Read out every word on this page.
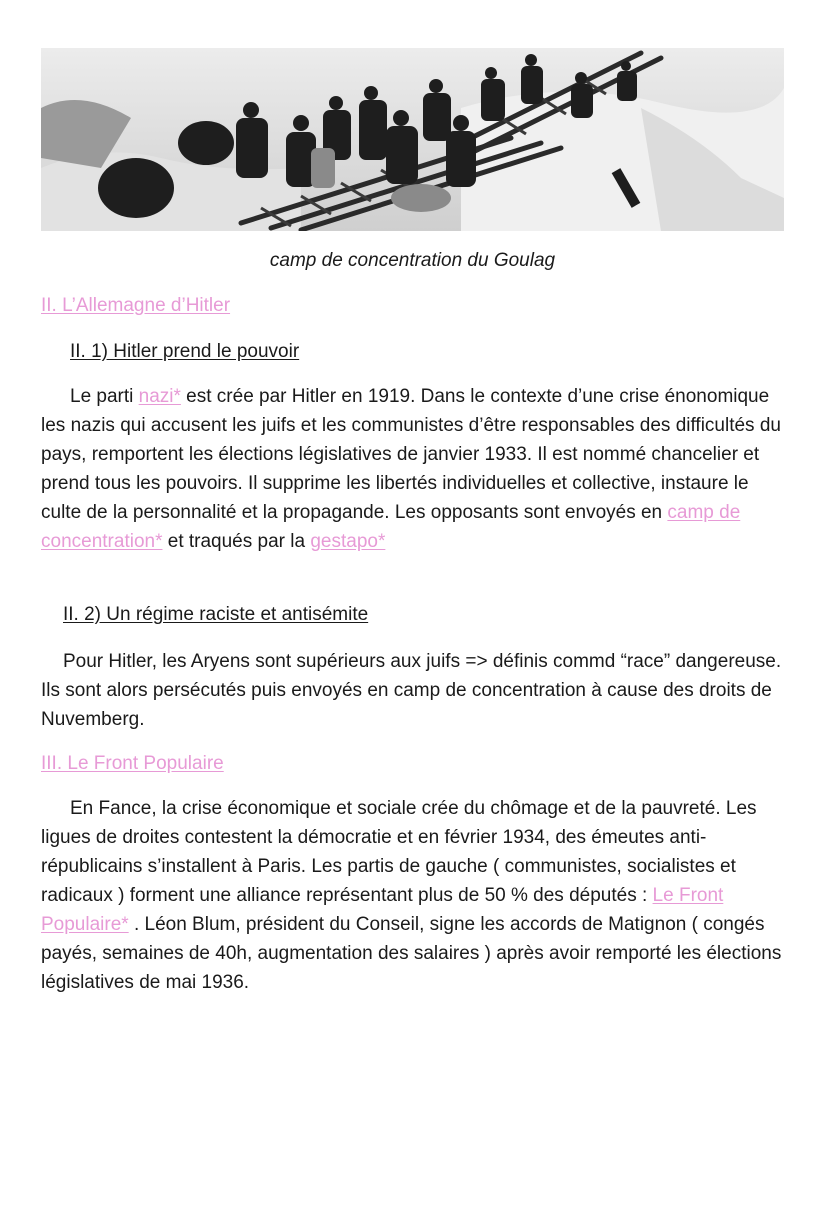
camp de concentration du Goulag
II. L’Allemagne d’Hitler
II. 1) Hitler prend le pouvoir

Le parti nazi* est crée par Hitler en 1919. Dans le contexte d’une crise énonomique les nazis qui accusent les juifs et les communistes d’être responsables des difficultés du pays, remportent les élections législatives de janvier 1933. Il est nommé chancelier et prend tous les pouvoirs. Il supprime les libertés individuelles et collective, instaure le culte de la personnalité et la propagande. Les opposants sont envoyés en camp de concentration* et traqués par la gestapo*

II. 2) Un régime raciste et antisémite

Pour Hitler, les Aryens sont supérieurs aux juifs => définis commd “race” dangereuse. Ils sont alors persécutés puis envoyés en camp de concentration à cause des droits de Nuvemberg.

III. Le Front Populaire

En Fance, la crise économique et sociale crée du chômage et de la pauvreté. Les ligues de droites contestent la démocratie et en février 1934, des émeutes anti-républicains s’installent à Paris. Les partis de gauche ( communistes, socialistes et radicaux ) forment une alliance représentant plus de 50 % des députés : Le Front Populaire* . Léon Blum, président du Conseil, signe les accords de Matignon ( congés payés, semaines de 40h, augmentation des salaires ) après avoir remporté les élections législatives de mai 1936.
